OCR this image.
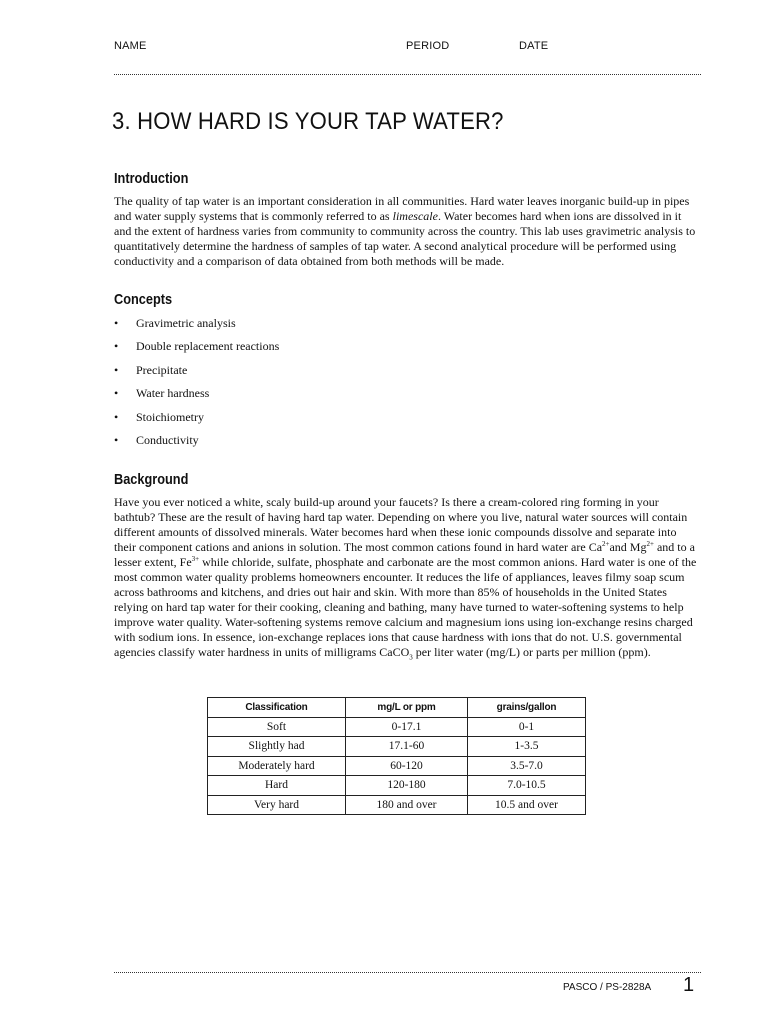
NAME	PERIOD	DATE
3. HOW HARD IS YOUR TAP WATER?
Introduction

The quality of tap water is an important consideration in all communities. Hard water leaves inorganic build-up in pipes and water supply systems that is commonly referred to as limescale. Water becomes hard when ions are dissolved in it and the extent of hardness varies from community to community across the country. This lab uses gravimetric analysis to quantitatively determine the hardness of samples of tap water. A second analytical procedure will be performed using conductivity and a comparison of data obtained from both methods will be made.

Concepts
• Gravimetric analysis
• Double replacement reactions
• Precipitate
• Water hardness
• Stoichiometry
• Conductivity
Background

Have you ever noticed a white, scaly build-up around your faucets? Is there a cream-colored ring forming in your bathtub? These are the result of having hard tap water. Depending on where you live, natural water sources will contain different amounts of dissolved minerals. Water becomes hard when these ionic compounds dissolve and separate into their component cations and anions in solution. The most common cations found in hard water are $Ca^{2+}and$ $Mg^{2+}$ and to a lesser extent, $Fe^{3+}$ while chloride, sulfate, phosphate and carbonate are the most common anions. Hard water is one of the most common water quality problems homeowners encounter. It reduces the life of appliances, leaves filmy soap scum across bathrooms and kitchens, and dries out hair and skin. With more than 85% of households in the United States relying on hard tap water for their cooking, cleaning and bathing, many have turned to water-softening systems to help improve water quality. Water-softening systems remove calcium and magnesium ions using ion-exchange resins charged with sodium ions. In essence, ion-exchange replaces ions that cause hardness with ions that do not. U.S. governmental agencies classify water hardness in units of milligrams CaCO$_3$ per liter water (mg/L) or parts per million (ppm).

Classification	mg/L or ppm	grains/gallon
Soft	0-17.1	0-1
Slightly had	17.1-60	1-3.5
Moderately hard	60-120	3.5-7.0
Hard	120-180	7.0-10.5
Very hard	180 and over	10.5 and over
PASCO / PS-2828A 1
